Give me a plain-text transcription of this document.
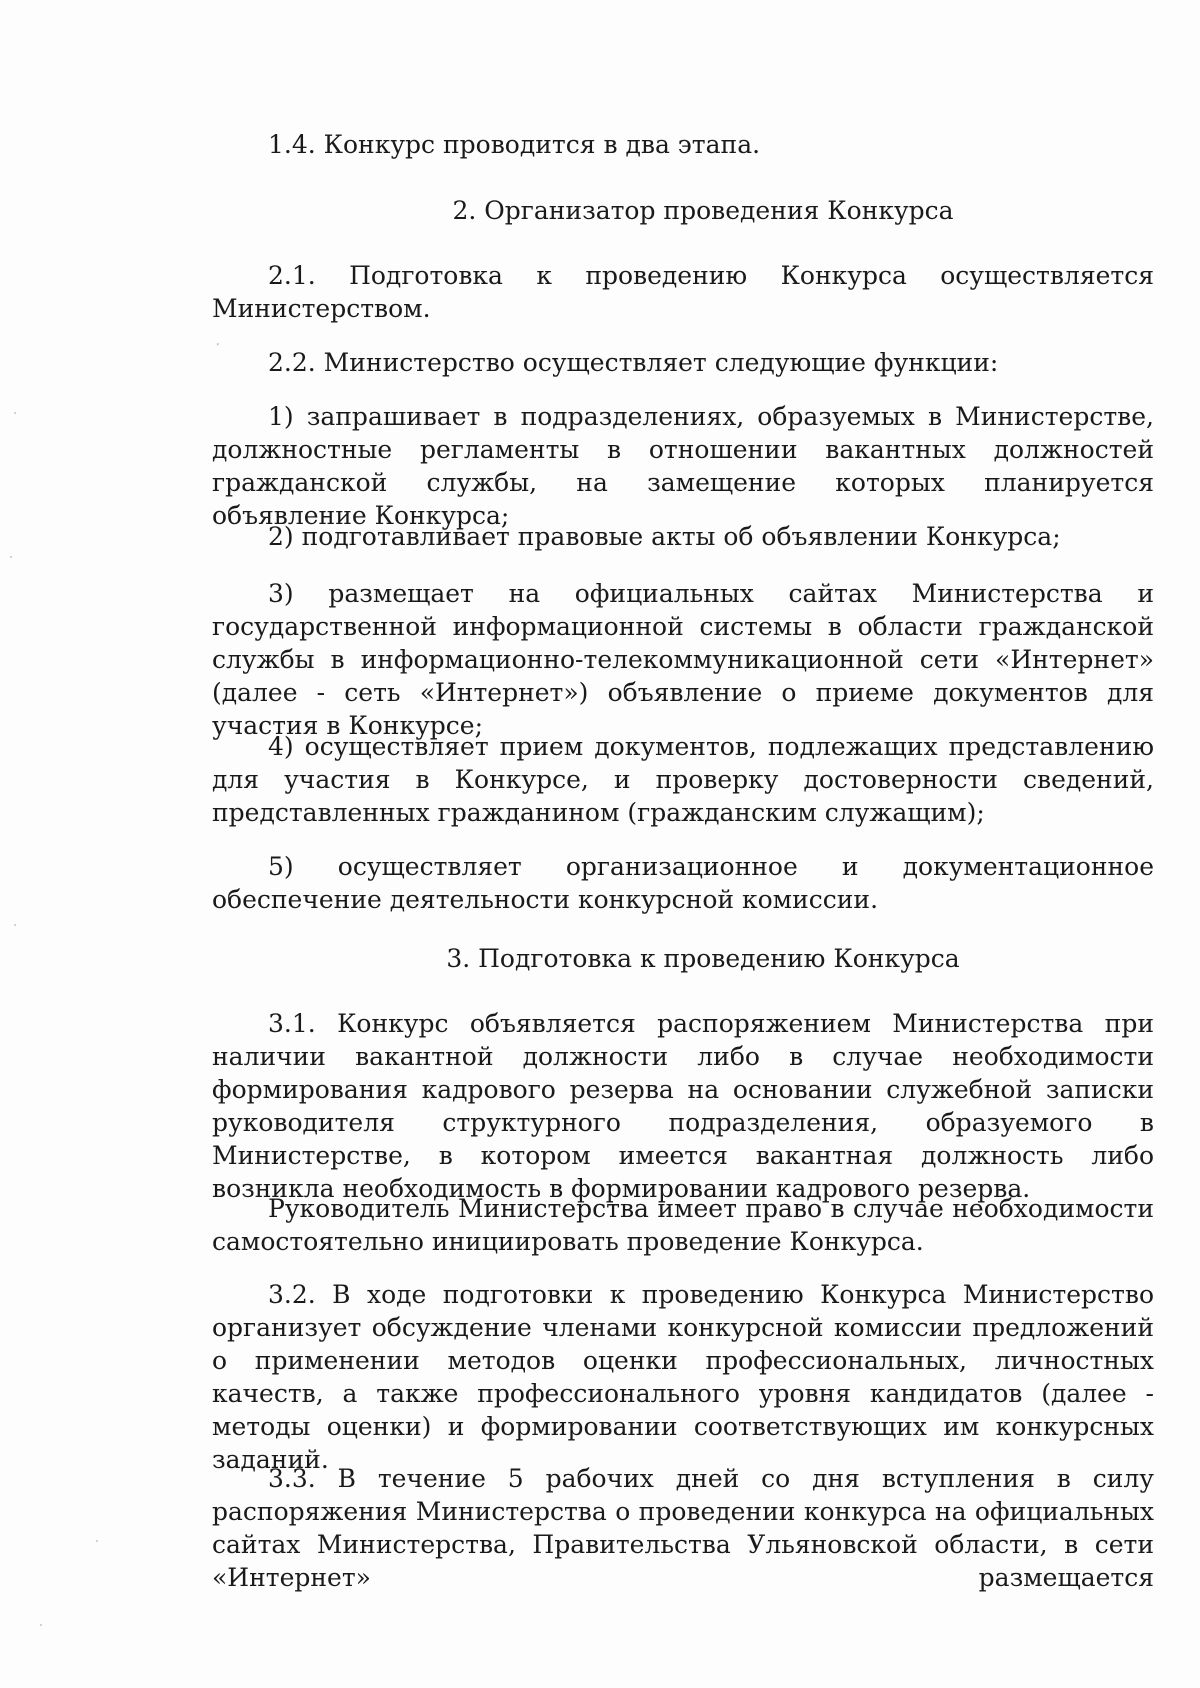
ﾞ

1.4. Конкурс проводится в два этапа.

2. Организатор проведения Конкурса

2.1. Подготовка к проведению Конкурса осуществляется Министерством.

2.2. Министерство осуществляет следующие функции:

1) запрашивает в подразделениях, образуемых в Министерстве, должностные регламенты в отношении вакантных должностей гражданской службы, на замещение которых планируется объявление Конкурса;

2) подготавливает правовые акты об объявлении Конкурса;

3) размещает на официальных сайтах Министерства и государственной информационной системы в области гражданской службы в информационно-телекоммуникационной сети «Интернет» (далее - сеть «Интернет») объявление о приеме документов для участия в Конкурсе;

4) осуществляет прием документов, подлежащих представлению для участия в Конкурсе, и проверку достоверности сведений, представленных гражданином (гражданским служащим);

5) осуществляет организационное и документационное обеспечение деятельности конкурсной комиссии.

3. Подготовка к проведению Конкурса

3.1. Конкурс объявляется распоряжением Министерства при наличии вакантной должности либо в случае необходимости формирования кадрового резерва на основании служебной записки руководителя структурного подразделения, образуемого в Министерстве, в котором имеется вакантная должность либо возникла необходимость в формировании кадрового резерва.

Руководитель Министерства имеет право в случае необходимости самостоятельно инициировать проведение Конкурса.

3.2. В ходе подготовки к проведению Конкурса Министерство организует обсуждение членами конкурсной комиссии предложений о применении методов оценки профессиональных, личностных качеств, а также профессионального уровня кандидатов (далее - методы оценки) и формировании соответствующих им конкурсных заданий.

3.3. В течение 5 рабочих дней со дня вступления в силу распоряжения Министерства о проведении конкурса на официальных сайтах Министерства, Правительства Ульяновской области, в сети «Интернет» размещается
